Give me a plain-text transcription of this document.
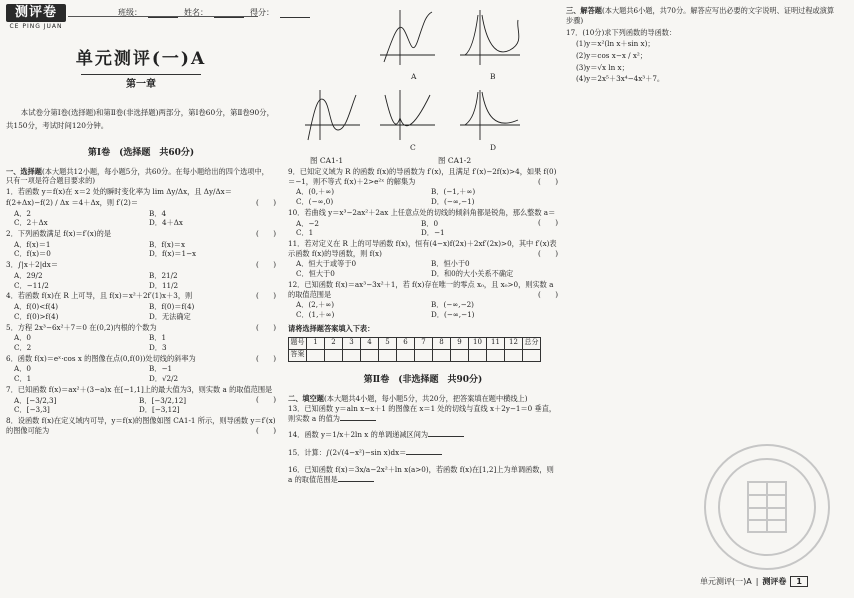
测评卷
CE PING JUAN
班级：	姓名：	得分：
单元测评(一)A
第一章
本试卷分第Ⅰ卷(选择题)和第Ⅱ卷(非选择题)两部分，第Ⅰ卷60分，第Ⅱ卷90分，共150分，考试时间120分钟。
第Ⅰ卷　(选择题　共60分)
一、选择题(本大题共12小题，每小题5分，共60分。在每小题给出的四个选项中，只有一项是符合题目要求的)
1．若函数 y＝f(x)在 x＝2 处的瞬时变化率为 lim Δy/Δx，且 Δy/Δx＝
f(2+Δx)−f(2) / Δx ＝4＋Δx，则 f′(2)＝	(　　)
A．2	B．4
C．2＋Δx	D．4＋Δx
2．下列函数满足 f(x)＝f′(x)的是	(　　)
A．f(x)＝1	B．f(x)＝x
C．f(x)＝0	D．f(x)＝1−x
3．∫|x＋2|dx＝	(　　)
A．29/2	B．21/2
C．−11/2	D．11/2
4．若函数 f(x)在 R 上可导，且 f(x)＝x²＋2f′(1)x＋3，则	(　　)
A．f(0)<f(4)	B．f(0)＝f(4)
C．f(0)>f(4)	D．无法确定
5．方程 2x³−6x²＋7＝0 在(0,2)内根的个数为	(　　)
A．0	B．1
C．2	D．3
6．函数 f(x)＝eˣ·cos x 的图像在点(0,f(0))处切线的斜率为	(　　)
A．0	B．−1
C．1	D．√2/2
7．已知函数 f(x)＝ax²＋(3−a)x 在[−1,1]上的最大值为3，则实数 a 的取值范围是
(　　)
A．[−3/2,3]	B．[−3/2,12]
C．[−3,3]	D．[−3,12]
8．设函数 f(x)在定义域内可导，y＝f(x)的图像如图 CA1-1 所示，则导函数 y＝f′(x)的图像可能为	(　　)
A	B
C	D
图 CA1-1	图 CA1-2
9．已知定义域为 R 的函数 f(x)的导函数为 f′(x)，且满足 f′(x)−2f(x)>4，如果 f(0)＝−1，则不等式 f(x)＋2>e²ˣ 的解集为	(　　)
A．(0,＋∞)	B．(−1,＋∞)
C．(−∞,0)	D．(−∞,−1)
10．若曲线 y＝x³−2ax²＋2ax 上任意点处的切线的倾斜角都是锐角，那么整数 a＝
(　　)
A．−2	B．0
C．1	D．−1
11．若对定义在 R 上的可导函数 f(x)，恒有(4−x)f(2x)＋2xf′(2x)>0，其中 f′(x)表示函数 f(x)的导函数，则 f(x)	(　　)
A．恒大于或等于0	B．恒小于0
C．恒大于0	D．和0的大小关系不确定
12．已知函数 f(x)＝ax³−3x²＋1，若 f(x)存在唯一的零点 x₀，且 x₀>0，则实数 a 的取值范围是	(　　)
A．(2,＋∞)	B．(−∞,−2)
C．(1,＋∞)	D．(−∞,−1)
请将选择题答案填入下表：
题号	1	2	3	4	5	6	7	8	9	10	11	12	总分
答案													
第Ⅱ卷　(非选择题　共90分)
二、填空题(本大题共4小题，每小题5分，共20分，把答案填在题中横线上)
13．已知函数 y＝aln x−x＋1 的图像在 x＝1 处的切线与直线 x＋2y−1＝0 垂直，则实数 a 的值为
14．函数 y＝1/x＋2ln x 的单调递减区间为
15．计算：∫(2√(4−x²)−sin x)dx＝
16．已知函数 f(x)＝3x/a−2x²＋ln x(a>0)，若函数 f(x)在[1,2]上为单调函数，则 a 的取值范围是
三、解答题(本大题共6小题，共70分。解答应写出必要的文字说明、证明过程或演算步骤)
17．(10分)求下列函数的导函数：
(1)y＝x²(ln x＋sin x)；
(2)y＝cos x−x / x²；
(3)y＝√x ln x；
(4)y＝2x⁵＋3x⁴−4x³＋7。
单元测评(一)A | 测评卷	1
